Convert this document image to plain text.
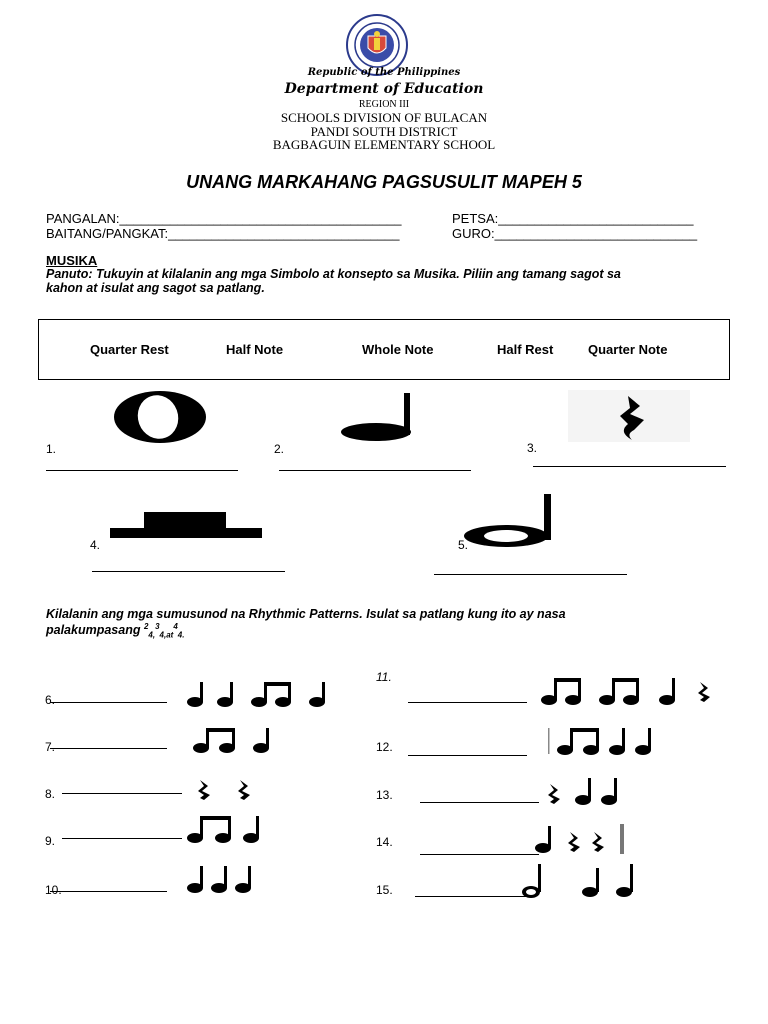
Republic of the Philippines
Department of Education
REGION III
SCHOOLS DIVISION OF BULACAN
PANDI SOUTH DISTRICT
BAGBAGUIN ELEMENTARY SCHOOL
UNANG MARKAHANG PAGSUSULIT MAPEH 5
PANGALAN:_______________________________________	PETSA:___________________________
BAITANG/PANGKAT:________________________________	GURO:____________________________
MUSIKA
Panuto: Tukuyin at kilalanin ang mga Simbolo at konsepto sa Musika. Piliin ang tamang sagot sa
kahon at isulat ang sagot sa patlang.
Quarter Rest	Half Note	Whole Note	Half Rest	Quarter Note
1.	2.	3.
4.	5.
Kilalanin ang mga sumusunod na Rhythmic Patterns. Isulat sa patlang kung ito ay nasa
palakumpasang $^2_{4,}^3_{4,at}^4_{4.}$
6.
7.
8.
9.
10.
11.
12.
13.
14.
15.
